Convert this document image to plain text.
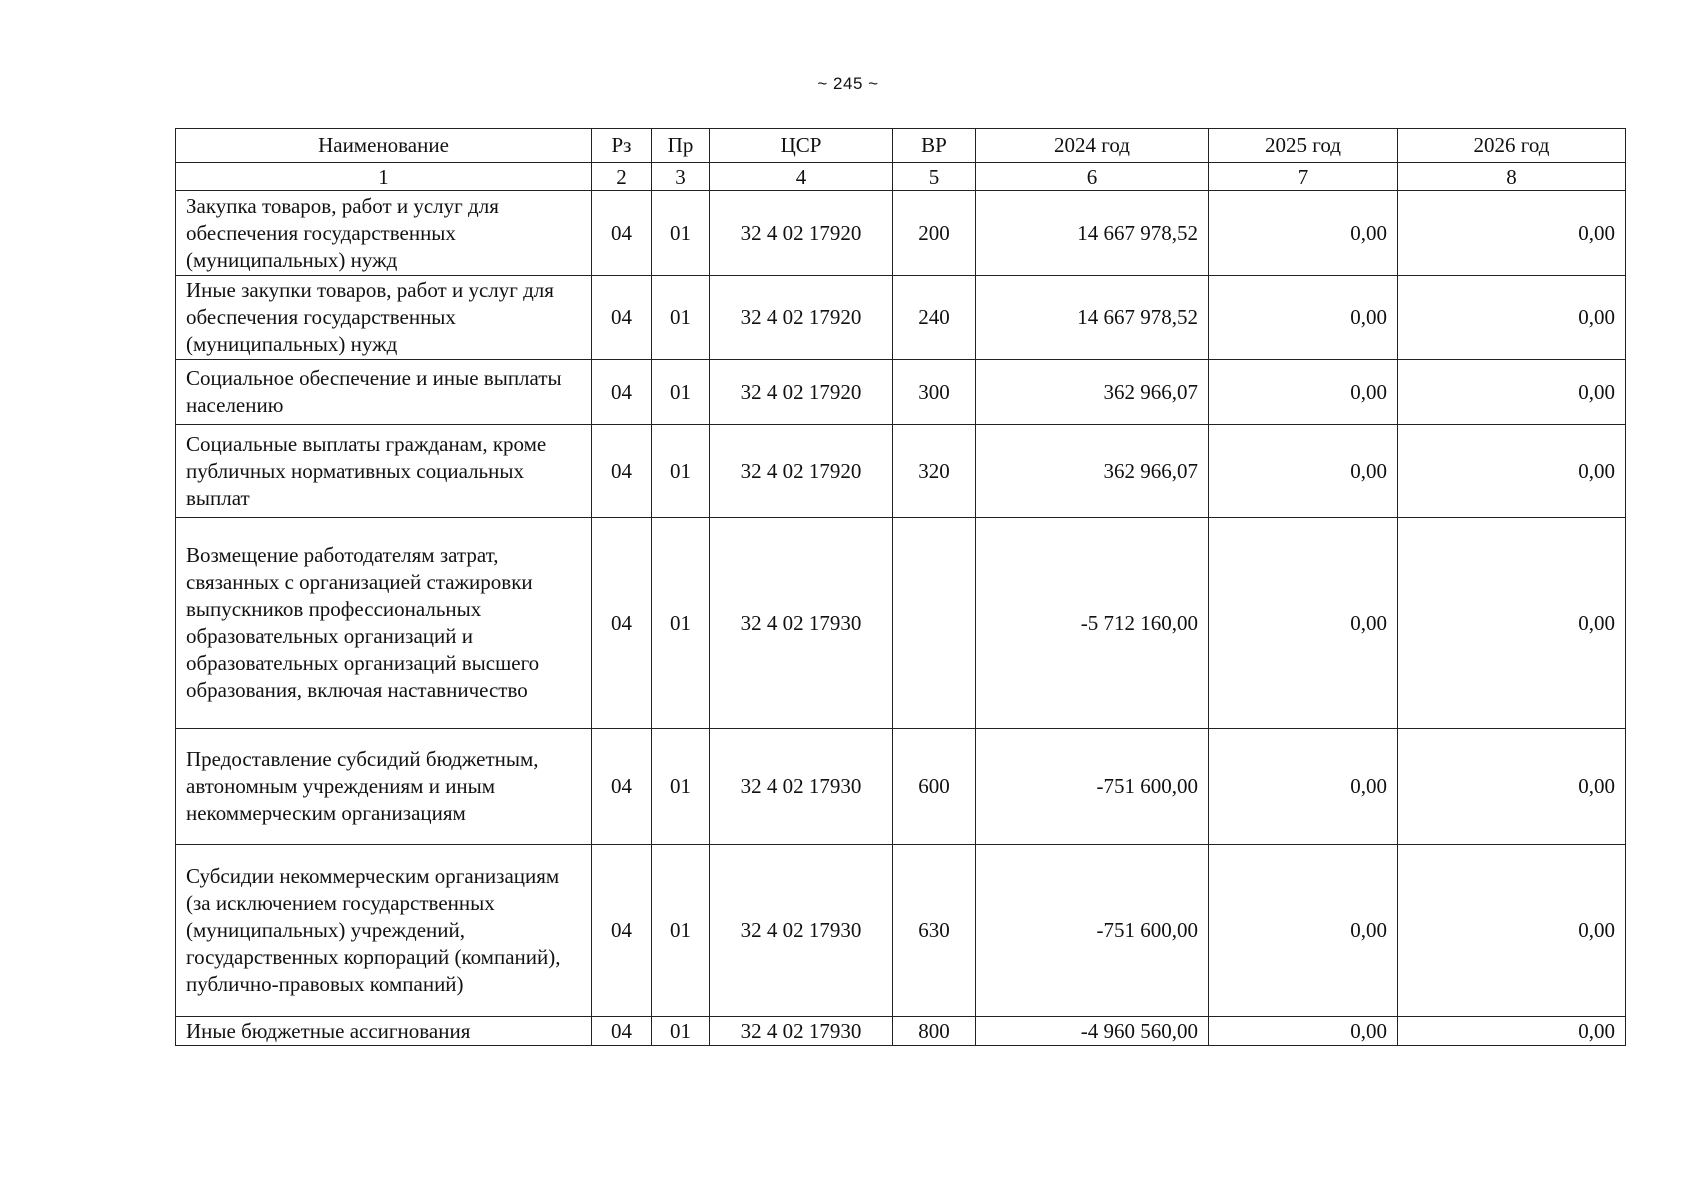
~ 245 ~
Наименование	Рз	Пр	ЦСР	ВР	2024 год	2025 год	2026 год
1	2	3	4	5	6	7	8
Закупка товаров, работ и услуг для обеспечения государственных (муниципальных) нужд	04	01	32 4 02 17920	200	14 667 978,52	0,00	0,00
Иные закупки товаров, работ и услуг для обеспечения государственных (муниципальных) нужд	04	01	32 4 02 17920	240	14 667 978,52	0,00	0,00
Социальное обеспечение и иные выплаты населению	04	01	32 4 02 17920	300	362 966,07	0,00	0,00
Социальные выплаты гражданам, кроме публичных нормативных социальных выплат	04	01	32 4 02 17920	320	362 966,07	0,00	0,00
Возмещение работодателям затрат, связанных с организацией стажировки выпускников профессиональных образовательных организаций и образовательных организаций высшего образования, включая наставничество	04	01	32 4 02 17930		-5 712 160,00	0,00	0,00
Предоставление субсидий бюджетным, автономным учреждениям и иным некоммерческим организациям	04	01	32 4 02 17930	600	-751 600,00	0,00	0,00
Субсидии некоммерческим организациям (за исключением государственных (муниципальных) учреждений, государственных корпораций (компаний), публично-правовых компаний)	04	01	32 4 02 17930	630	-751 600,00	0,00	0,00
Иные бюджетные ассигнования	04	01	32 4 02 17930	800	-4 960 560,00	0,00	0,00
